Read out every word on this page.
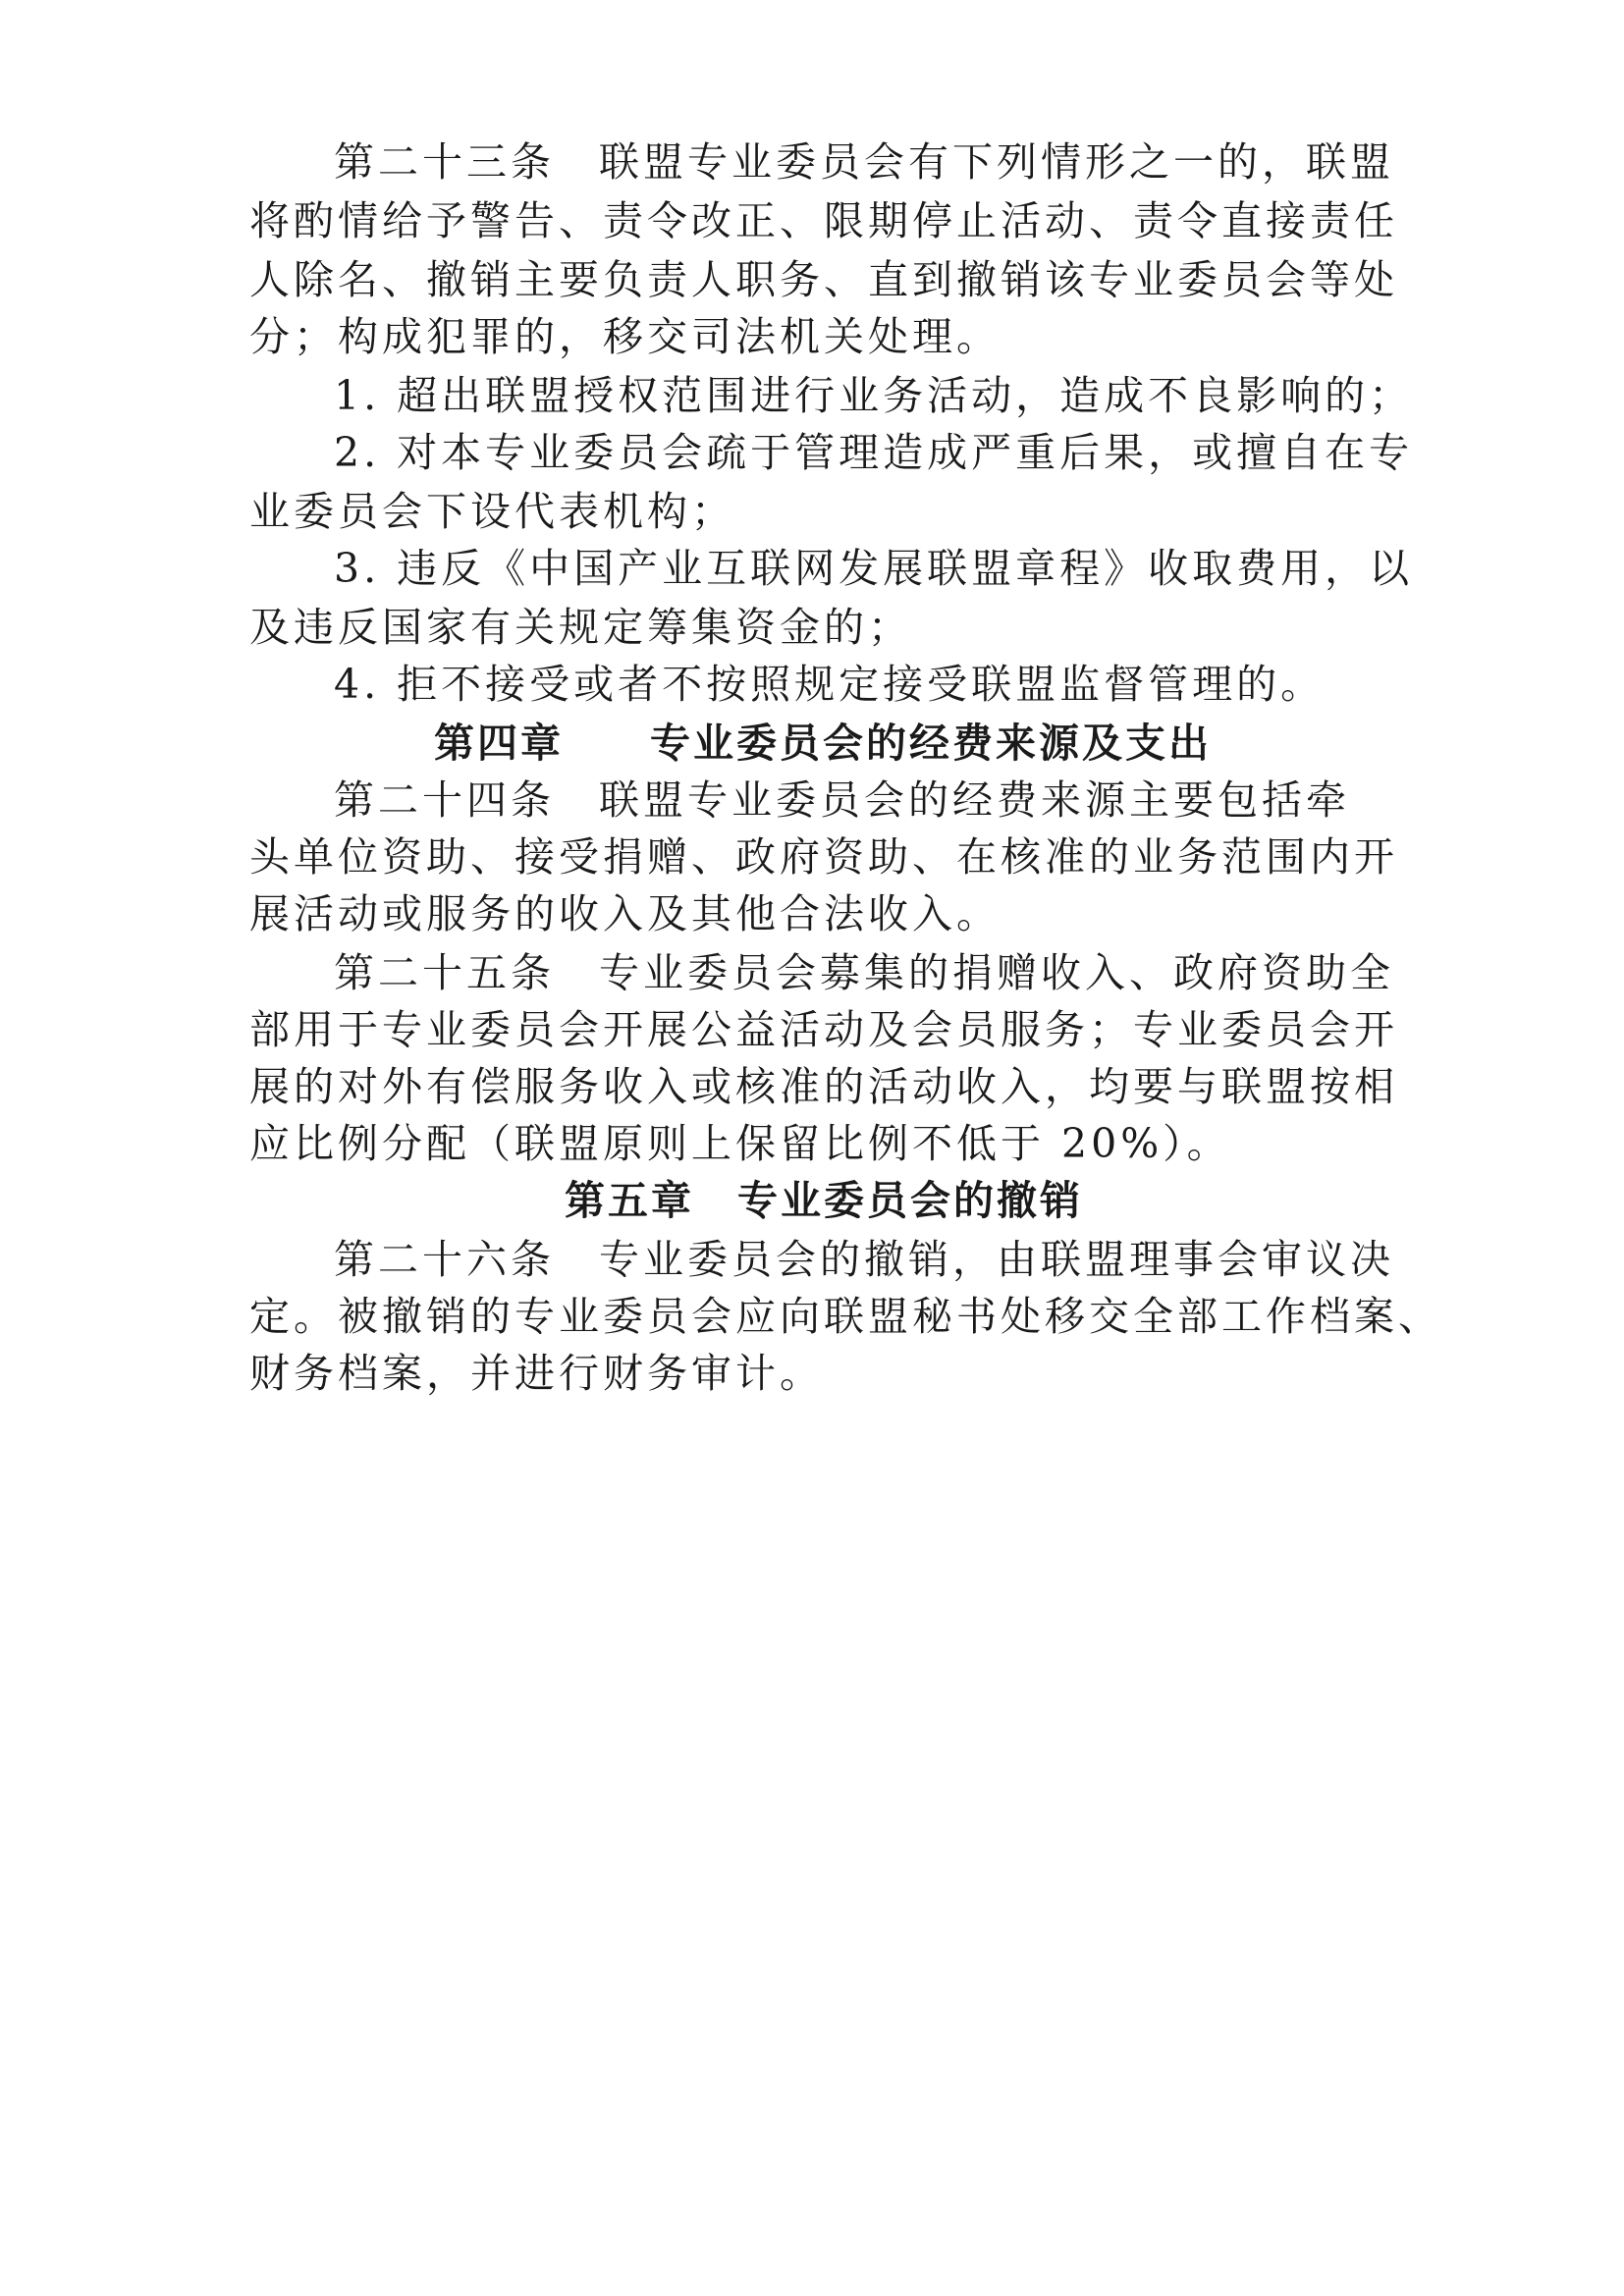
第二十三条　联盟专业委员会有下列情形之一的，联盟
将酌情给予警告、责令改正、限期停止活动、责令直接责任
人除名、撤销主要负责人职务、直到撤销该专业委员会等处
分；构成犯罪的，移交司法机关处理。
1. 超出联盟授权范围进行业务活动，造成不良影响的；
2. 对本专业委员会疏于管理造成严重后果，或擅自在专
业委员会下设代表机构；
3. 违反《中国产业互联网发展联盟章程》收取费用，以
及违反国家有关规定筹集资金的；
4. 拒不接受或者不按照规定接受联盟监督管理的。
第四章　　专业委员会的经费来源及支出
第二十四条　联盟专业委员会的经费来源主要包括牵
头单位资助、接受捐赠、政府资助、在核准的业务范围内开
展活动或服务的收入及其他合法收入。
第二十五条　专业委员会募集的捐赠收入、政府资助全
部用于专业委员会开展公益活动及会员服务；专业委员会开
展的对外有偿服务收入或核准的活动收入，均要与联盟按相
应比例分配（联盟原则上保留比例不低于 20%）。
第五章　专业委员会的撤销
第二十六条　专业委员会的撤销，由联盟理事会审议决
定。被撤销的专业委员会应向联盟秘书处移交全部工作档案、
财务档案，并进行财务审计。
